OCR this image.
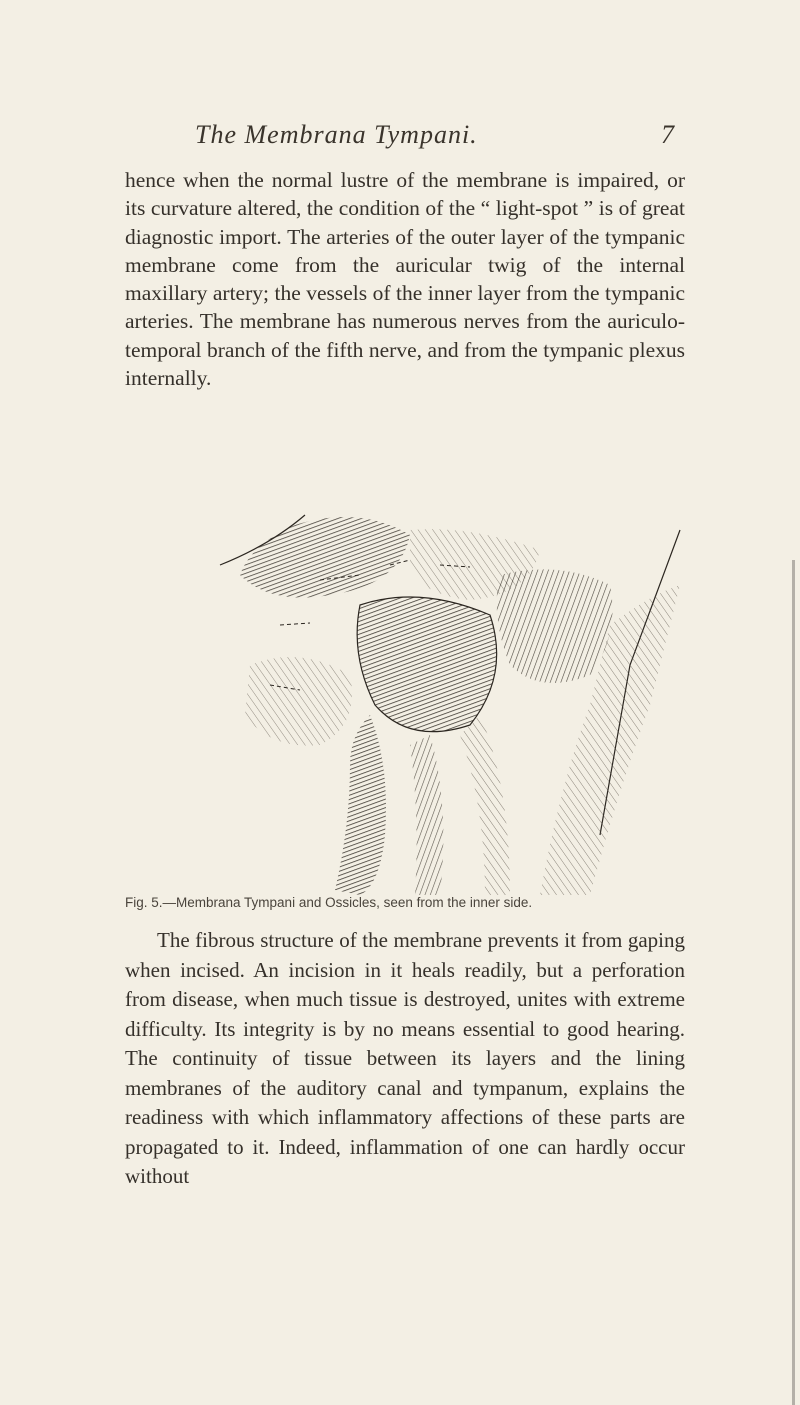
The Membrana Tympani.	7

hence when the normal lustre of the membrane is impaired, or its curvature altered, the condition of the “ light-spot ” is of great diagnostic import. The arteries of the outer layer of the tympanic membrane come from the auricular twig of the internal maxillary artery; the vessels of the inner layer from the tympanic arteries. The membrane has numerous nerves from the auriculo-temporal branch of the fifth nerve, and from the tympanic plexus internally.

Fig. 5.—Membrana Tympani and Ossicles, seen from the inner side.

The fibrous structure of the membrane prevents it from gaping when incised. An incision in it heals readily, but a perforation from disease, when much tissue is destroyed, unites with extreme difficulty. Its integrity is by no means essential to good hearing. The continuity of tissue between its layers and the lining membranes of the auditory canal and tympanum, explains the readiness with which inflammatory affections of these parts are propagated to it. Indeed, inflammation of one can hardly occur without
